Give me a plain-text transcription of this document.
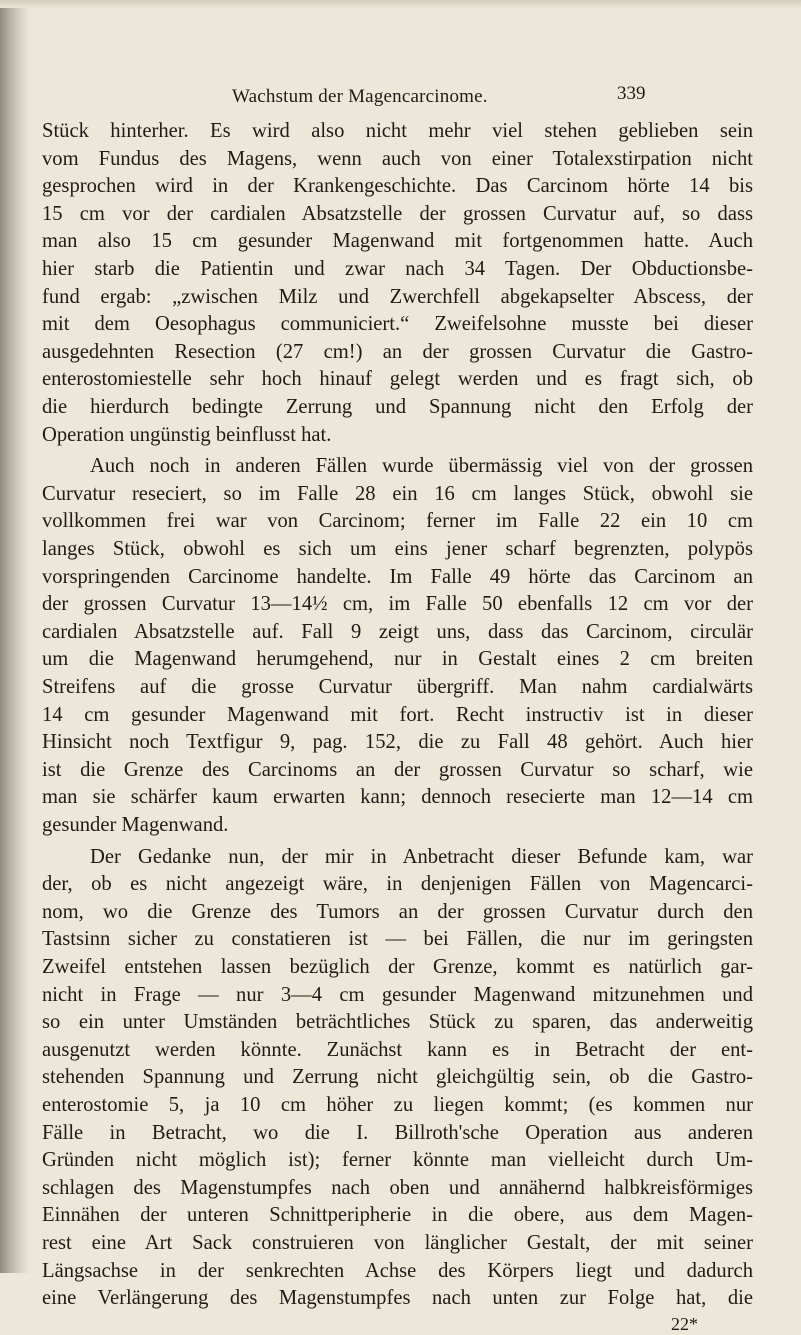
Wachstum der Magencarcinome.	339
Stück hinterher. Es wird also nicht mehr viel stehen geblieben sein
vom Fundus des Magens, wenn auch von einer Totalexstirpation nicht
gesprochen wird in der Krankengeschichte. Das Carcinom hörte 14 bis
15 cm vor der cardialen Absatzstelle der grossen Curvatur auf, so dass
man also 15 cm gesunder Magenwand mit fortgenommen hatte. Auch
hier starb die Patientin und zwar nach 34 Tagen. Der Obductionsbe-
fund ergab: „zwischen Milz und Zwerchfell abgekapselter Abscess, der
mit dem Oesophagus communiciert.“ Zweifelsohne musste bei dieser
ausgedehnten Resection (27 cm!) an der grossen Curvatur die Gastro-
enterostomiestelle sehr hoch hinauf gelegt werden und es fragt sich, ob
die hierdurch bedingte Zerrung und Spannung nicht den Erfolg der
Operation ungünstig beinflusst hat.
Auch noch in anderen Fällen wurde übermässig viel von der grossen
Curvatur reseciert, so im Falle 28 ein 16 cm langes Stück, obwohl sie
vollkommen frei war von Carcinom; ferner im Falle 22 ein 10 cm
langes Stück, obwohl es sich um eins jener scharf begrenzten, polypös
vorspringenden Carcinome handelte. Im Falle 49 hörte das Carcinom an
der grossen Curvatur 13—14½ cm, im Falle 50 ebenfalls 12 cm vor der
cardialen Absatzstelle auf. Fall 9 zeigt uns, dass das Carcinom, circulär
um die Magenwand herumgehend, nur in Gestalt eines 2 cm breiten
Streifens auf die grosse Curvatur übergriff. Man nahm cardialwärts
14 cm gesunder Magenwand mit fort. Recht instructiv ist in dieser
Hinsicht noch Textfigur 9, pag. 152, die zu Fall 48 gehört. Auch hier
ist die Grenze des Carcinoms an der grossen Curvatur so scharf, wie
man sie schärfer kaum erwarten kann; dennoch resecierte man 12—14 cm
gesunder Magenwand.
Der Gedanke nun, der mir in Anbetracht dieser Befunde kam, war
der, ob es nicht angezeigt wäre, in denjenigen Fällen von Magencarci-
nom, wo die Grenze des Tumors an der grossen Curvatur durch den
Tastsinn sicher zu constatieren ist — bei Fällen, die nur im geringsten
Zweifel entstehen lassen bezüglich der Grenze, kommt es natürlich gar-
nicht in Frage — nur 3—4 cm gesunder Magenwand mitzunehmen und
so ein unter Umständen beträchtliches Stück zu sparen, das anderweitig
ausgenutzt werden könnte. Zunächst kann es in Betracht der ent-
stehenden Spannung und Zerrung nicht gleichgültig sein, ob die Gastro-
enterostomie 5, ja 10 cm höher zu liegen kommt; (es kommen nur
Fälle in Betracht, wo die I. Billroth'sche Operation aus anderen
Gründen nicht möglich ist); ferner könnte man vielleicht durch Um-
schlagen des Magenstumpfes nach oben und annähernd halbkreisförmiges
Einnähen der unteren Schnittperipherie in die obere, aus dem Magen-
rest eine Art Sack construieren von länglicher Gestalt, der mit seiner
Längsachse in der senkrechten Achse des Körpers liegt und dadurch
eine Verlängerung des Magenstumpfes nach unten zur Folge hat, die
22*
